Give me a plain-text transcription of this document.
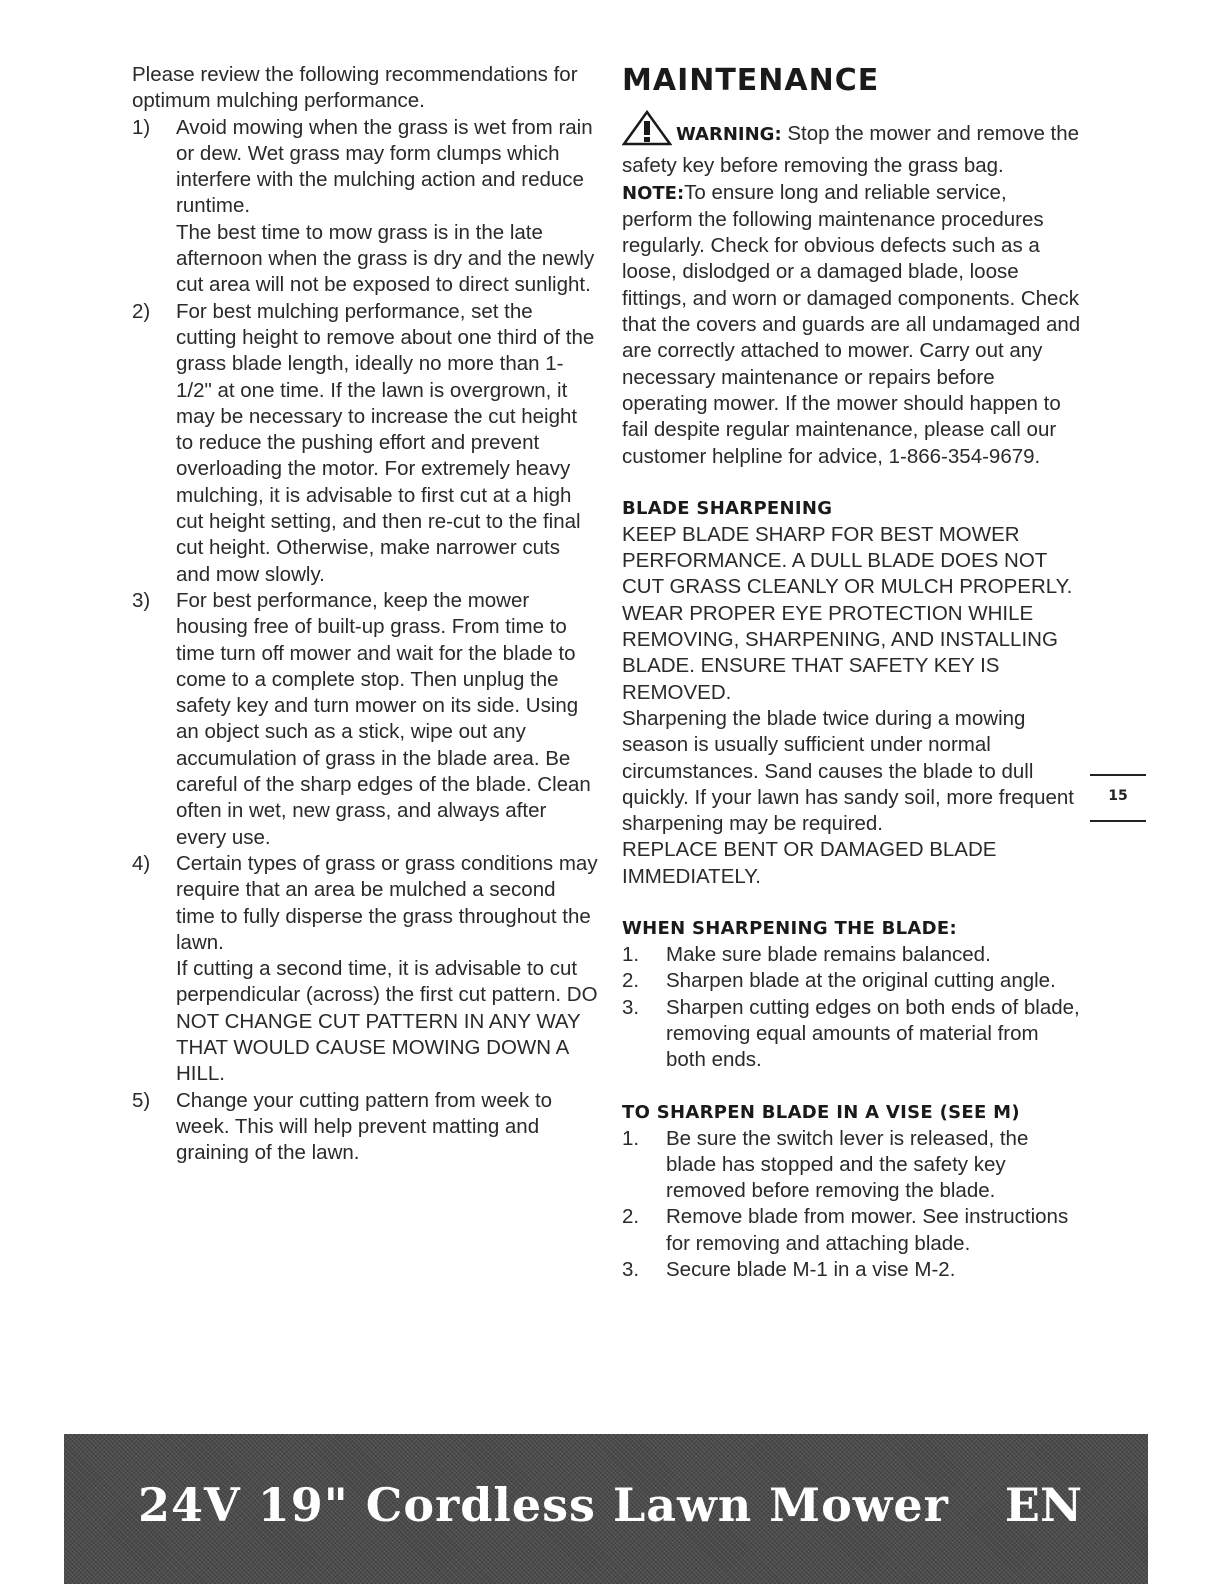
Please review the following recommendations for optimum mulching performance.

1)	Avoid mowing when the grass is wet from rain or dew. Wet grass may form clumps which interfere with the mulching action and reduce runtime.

The best time to mow grass is in the late afternoon when the grass is dry and the newly cut area will not be exposed to direct sunlight.

2)	For best mulching performance, set the cutting height to remove about one third of the grass blade length, ideally no more than 1-1/2" at one time. If the lawn is overgrown, it may be necessary to increase the cut height to reduce the pushing effort and prevent overloading the motor. For extremely heavy mulching, it is advisable to first cut at a high cut height setting, and then re-cut to the final cut height. Otherwise, make narrower cuts and mow slowly.

3)	For best performance, keep the mower housing free of built-up grass. From time to time turn off mower and wait for the blade to come to a complete stop. Then unplug the safety key and turn mower on its side. Using an object such as a stick, wipe out any accumulation of grass in the blade area. Be careful of the sharp edges of the blade. Clean often in wet, new grass, and always after every use.

4)	Certain types of grass or grass conditions may require that an area be mulched a second time to fully disperse the grass throughout the lawn.

If cutting a second time, it is advisable to cut perpendicular (across) the first cut pattern. DO NOT CHANGE CUT PATTERN IN ANY WAY

THAT WOULD CAUSE MOWING DOWN A HILL.

5)	Change your cutting pattern from week to week. This will help prevent matting and graining of the lawn.

MAINTENANCE

WARNING: Stop the mower and remove the safety key before removing the grass bag.

NOTE:To ensure long and reliable service, perform the following maintenance procedures regularly. Check for obvious defects such as a loose, dislodged or a damaged blade, loose fittings, and worn or damaged components. Check that the covers and guards are all undamaged and are correctly attached to mower. Carry out any necessary maintenance or repairs before operating mower. If the mower should happen to fail despite regular maintenance, please call our customer helpline for advice, 1-866-354-9679.

BLADE SHARPENING

KEEP BLADE SHARP FOR BEST MOWER PERFORMANCE. A DULL BLADE DOES NOT CUT GRASS CLEANLY OR MULCH PROPERLY. WEAR PROPER EYE PROTECTION WHILE REMOVING, SHARPENING, AND INSTALLING BLADE. ENSURE THAT SAFETY KEY IS REMOVED.

Sharpening the blade twice during a mowing season is usually sufficient under normal circumstances. Sand causes the blade to dull quickly. If your lawn has sandy soil, more frequent sharpening may be required.

REPLACE BENT OR DAMAGED BLADE IMMEDIATELY.

WHEN SHARPENING THE BLADE:
1.	Make sure blade remains balanced.
2.	Sharpen blade at the original cutting angle.
3.	Sharpen cutting edges on both ends of blade, removing equal amounts of material from both ends.
TO SHARPEN BLADE IN A VISE (SEE M)
1.	Be sure the switch lever is released, the blade has stopped and the safety key removed before removing the blade.
2.	Remove blade from mower. See instructions for removing and attaching blade.
3.	Secure blade M-1 in a vise M-2.
15
24V 19" Cordless Lawn Mower EN
